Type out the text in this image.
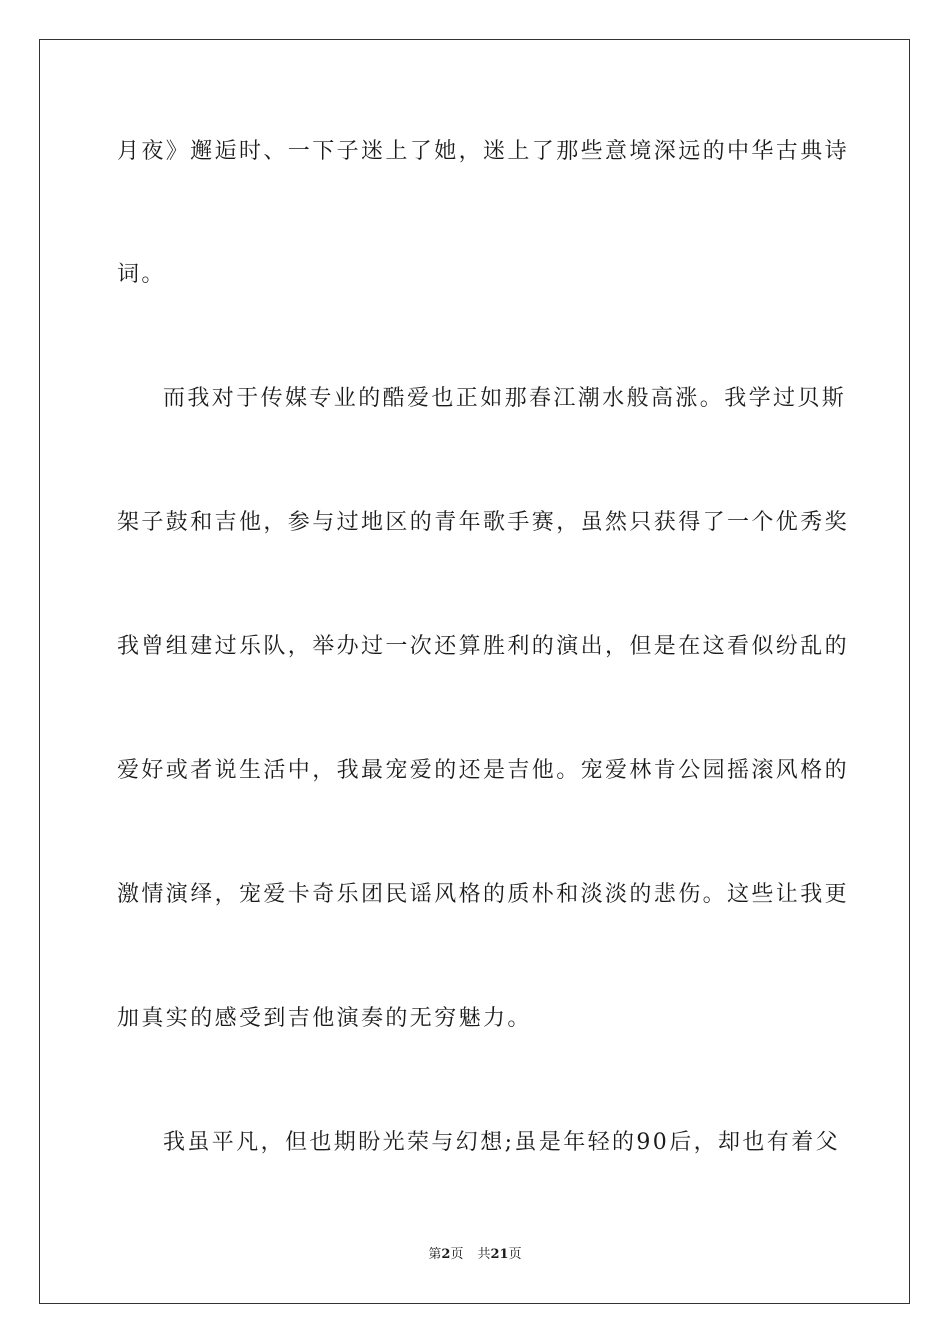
月夜》邂逅时、一下子迷上了她，迷上了那些意境深远的中华古典诗
词。
而我对于传媒专业的酷爱也正如那春江潮水般高涨。我学过贝斯
架子鼓和吉他，参与过地区的青年歌手赛，虽然只获得了一个优秀奖
我曾组建过乐队，举办过一次还算胜利的演出，但是在这看似纷乱的
爱好或者说生活中，我最宠爱的还是吉他。宠爱林肯公园摇滚风格的
激情演绎，宠爱卡奇乐团民谣风格的质朴和淡淡的悲伤。这些让我更
加真实的感受到吉他演奏的无穷魅力。
我虽平凡，但也期盼光荣与幻想;虽是年轻的90后，却也有着父
第2页 共21页
